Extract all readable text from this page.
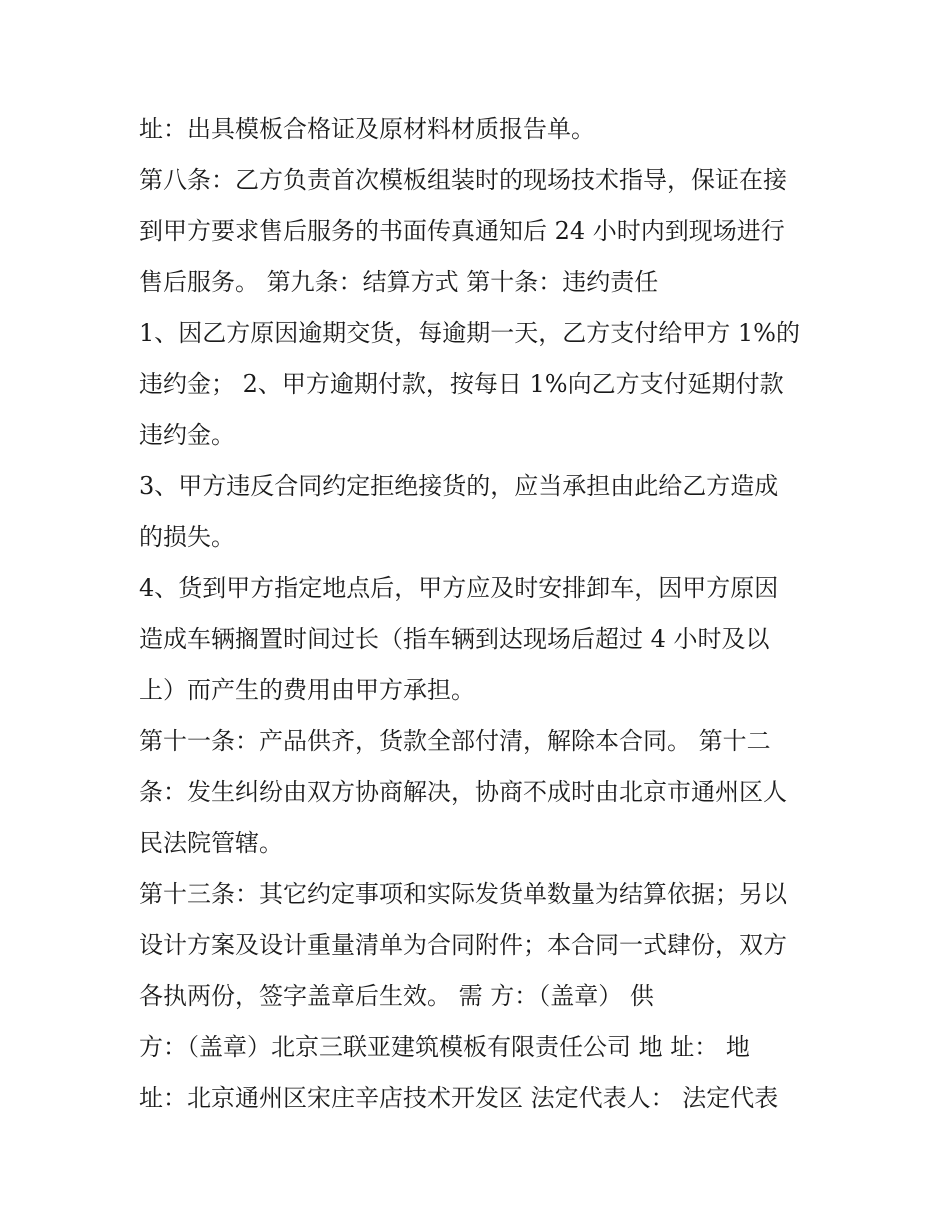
址：出具模板合格证及原材料材质报告单。
第八条：乙方负责首次模板组装时的现场技术指导，保证在接
到甲方要求售后服务的书面传真通知后 24 小时内到现场进行
售后服务。 第九条：结算方式 第十条：违约责任
1、因乙方原因逾期交货，每逾期一天，乙方支付给甲方 1%的
违约金； 2、甲方逾期付款，按每日 1%向乙方支付延期付款
违约金。
3、甲方违反合同约定拒绝接货的，应当承担由此给乙方造成
的损失。
4、货到甲方指定地点后，甲方应及时安排卸车，因甲方原因
造成车辆搁置时间过长（指车辆到达现场后超过 4 小时及以
上）而产生的费用由甲方承担。
第十一条：产品供齐，货款全部付清，解除本合同。 第十二
条：发生纠纷由双方协商解决，协商不成时由北京市通州区人
民法院管辖。
第十三条：其它约定事项和实际发货单数量为结算依据；另以
设计方案及设计重量清单为合同附件；本合同一式肆份，双方
各执两份，签字盖章后生效。 需 方：（盖章） 供
方：（盖章）北京三联亚建筑模板有限责任公司 地 址： 地
址：北京通州区宋庄辛店技术开发区 法定代表人： 法定代表
